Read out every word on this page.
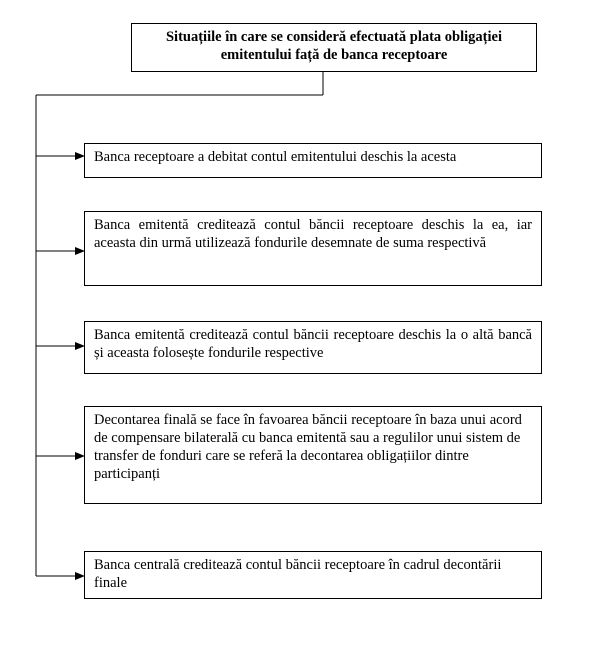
Situațiile în care se consideră efectuată plata obligației emitentului față de banca receptoare
Banca receptoare a debitat contul emitentului deschis la acesta
Banca emitentă creditează contul băncii receptoare deschis la ea, iar aceasta din urmă utilizează fondurile desemnate de suma respectivă
Banca emitentă creditează contul băncii receptoare deschis la o altă bancă și aceasta folosește fondurile respective
Decontarea finală se face în favoarea băncii receptoare în baza unui acord de compensare bilaterală cu banca emitentă sau a regulilor unui sistem de transfer de fonduri care se referă la decontarea obligațiilor dintre participanți
Banca centrală creditează contul băncii receptoare în cadrul decontării finale
